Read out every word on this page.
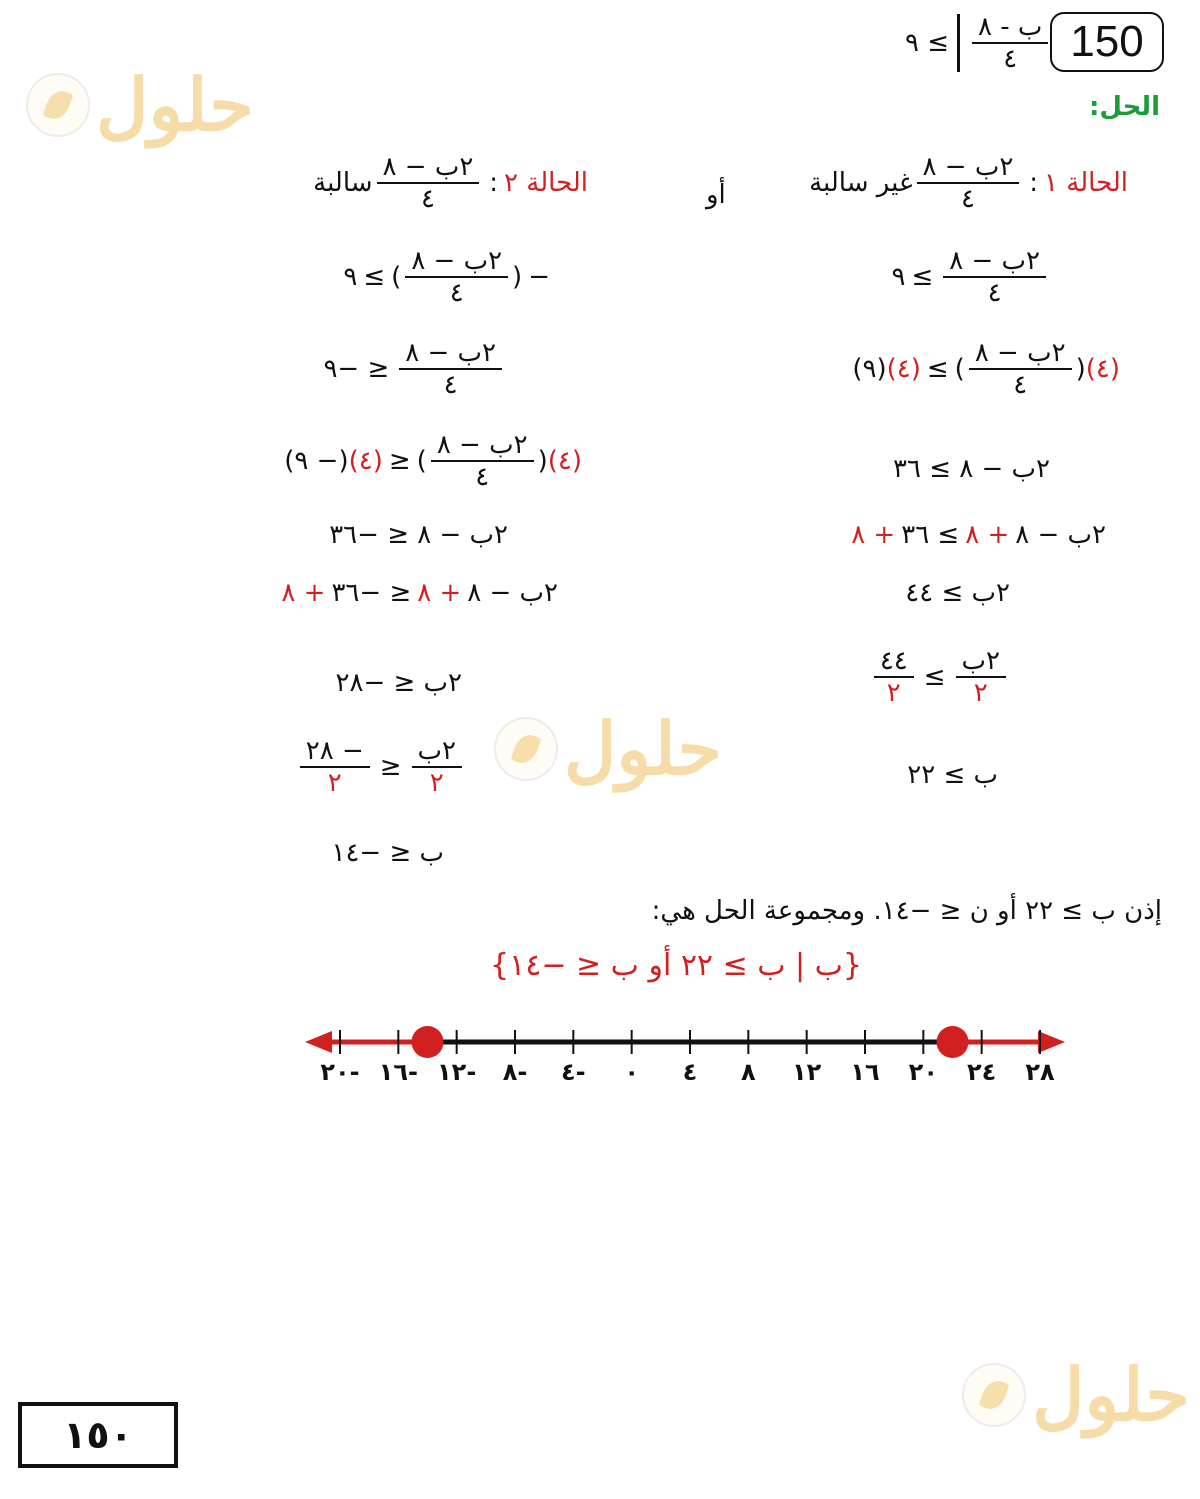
150
≥ ٩ $\frac{\text{ب - ٨}}{٤}$
الحل:
حلول
حلول
حلول
أو	الحالة ١
:
$\frac{\text{٢ب − ٨}}{٤}$
غير سالبة
$\frac{\text{٢ب − ٨}}{٤}$
≥
٩
(٤)
(
$\frac{\text{٢ب − ٨}}{٤}$
)
≥
(٤)
(٩)
٢ب − ٨ ≥ ٣٦
٢ب − ٨
+ ٨
≥ ٣٦
+ ٨
٢ب ≥ ٤٤
$\frac{\text{٢ب}}{٢}$
≥
$\frac{٤٤}{٢}$
ب ≥ ٢٢
الحالة ٢
:
$\frac{\text{٢ب − ٨}}{٤}$
سالبة
−
(
$\frac{\text{٢ب − ٨}}{٤}$
)
≥
٩
$\frac{\text{٢ب − ٨}}{٤}$
≤ −٩
(٤)
(
$\frac{\text{٢ب − ٨}}{٤}$
)
≤
(٤)
(− ٩)
٢ب − ٨ ≤ −٣٦
٢ب − ٨
+ ٨
≤ −٣٦
+ ٨
٢ب ≤ −٢٨
$\frac{\text{٢ب}}{٢}$
≤
$\frac{- ٢٨}{٢}$
ب ≤ −١٤
إذن ب ≥ ٢٢ أو ن ≤ −١٤. ومجموعة الحل هي:
{ب | ب ≥ ٢٢ أو ب ≤ −١٤}
٢٠- ١٦- ١٢- ٨- ٤- ٠ ٤ ٨ ١٢ ١٦ ٢٠ ٢٤ ٢٨
١٥٠
